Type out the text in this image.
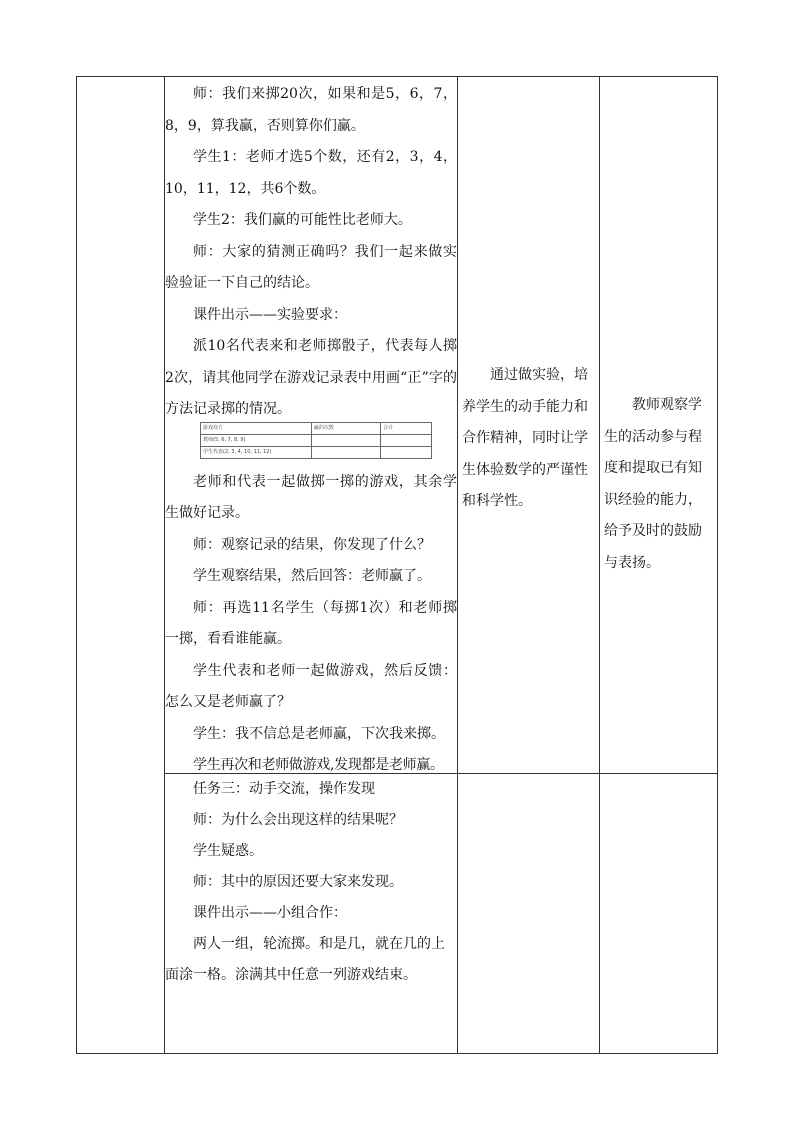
师：我们来掷20次，如果和是5，6，7，8，9，算我赢，否则算你们赢。

学生1：老师才选5个数，还有2，3，4，10，11，12，共6个数。

学生2：我们赢的可能性比老师大。

师：大家的猜测正确吗？我们一起来做实验验证一下自己的结论。

课件出示——实验要求：

派10名代表来和老师掷骰子，代表每人掷2次，请其他同学在游戏记录表中用画“正”字的方法记录掷的情况。

老师和代表一起做掷一掷的游戏，其余学生做好记录。

师：观察记录的结果，你发现了什么？

学生观察结果，然后回答：老师赢了。

师：再选11名学生（每掷1次）和老师掷一掷，看看谁能赢。

学生代表和老师一起做游戏，然后反馈：怎么又是老师赢了？

学生：我不信总是老师赢，下次我来掷。

学生再次和老师做游戏,发现都是老师赢。

游戏双方	赢的次数	合计
教师(5, 6, 7, 8, 9)		
学生代表(2, 3, 4, 10, 11, 12)		

通过做实验，培养学生的动手能力和合作精神，同时让学生体验数学的严谨性和科学性。

教师观察学生的活动参与程度和提取已有知识经验的能力，给予及时的鼓励与表扬。

任务三：动手交流，操作发现

师：为什么会出现这样的结果呢？

学生疑惑。

师：其中的原因还要大家来发现。

课件出示——小组合作：

两人一组，轮流掷。和是几，就在几的上面涂一格。涂满其中任意一列游戏结束。
